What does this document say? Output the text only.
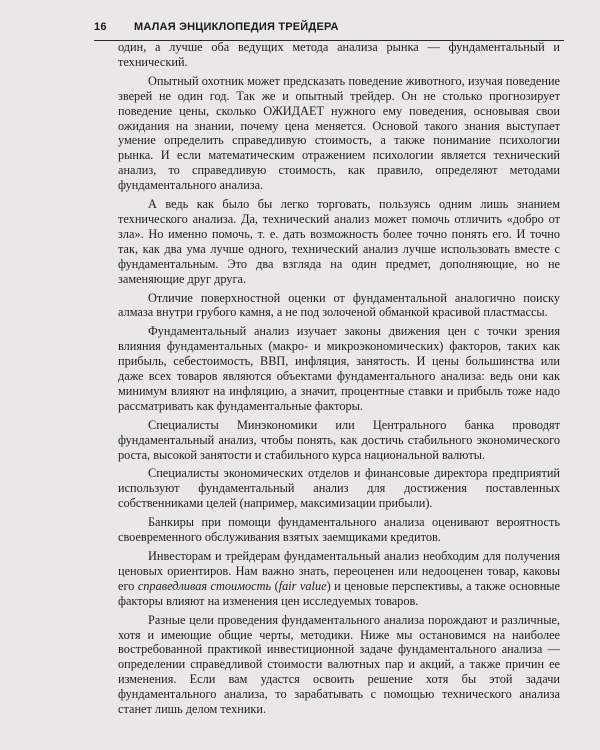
16 МАЛАЯ ЭНЦИКЛОПЕДИЯ ТРЕЙДЕРА

один, а лучше оба ведущих метода анализа рынка — фундаментальный и технический.

Опытный охотник может предсказать поведение животного, изучая поведение зверей не один год. Так же и опытный трейдер. Он не столько прогнозирует поведение цены, сколько ОЖИДАЕТ нужного ему поведения, основывая свои ожидания на знании, почему цена меняется. Основой такого знания выступает умение определить справедливую стоимость, а также понимание психологии рынка. И если математическим отражением психологии является технический анализ, то справедливую стоимость, как правило, определяют методами фундаментального анализа.

А ведь как было бы легко торговать, пользуясь одним лишь знанием технического анализа. Да, технический анализ может помочь отличить «добро от зла». Но именно помочь, т. е. дать возможность более точно понять его. И точно так, как два ума лучше одного, технический анализ лучше использовать вместе с фундаментальным. Это два взгляда на один предмет, дополняющие, но не заменяющие друг друга.

Отличие поверхностной оценки от фундаментальной аналогично поиску алмаза внутри грубого камня, а не под золоченой обманкой красивой пластмассы.

Фундаментальный анализ изучает законы движения цен с точки зрения влияния фундаментальных (макро- и микроэкономических) факторов, таких как прибыль, себестоимость, ВВП, инфляция, занятость. И цены большинства или даже всех товаров являются объектами фундаментального анализа: ведь они как минимум влияют на инфляцию, а значит, процентные ставки и прибыль тоже надо рассматривать как фундаментальные факторы.

Специалисты Минэкономики или Центрального банка проводят фундаментальный анализ, чтобы понять, как достичь стабильного экономического роста, высокой занятости и стабильного курса национальной валюты.

Специалисты экономических отделов и финансовые директора предприятий используют фундаментальный анализ для достижения поставленных собственниками целей (например, максимизации прибыли).

Банкиры при помощи фундаментального анализа оценивают вероятность своевременного обслуживания взятых заемщиками кредитов.

Инвесторам и трейдерам фундаментальный анализ необходим для получения ценовых ориентиров. Нам важно знать, переоценен или недооценен товар, каковы его справедливая стоимость (fair value) и ценовые перспективы, а также основные факторы влияют на изменения цен исследуемых товаров.

Разные цели проведения фундаментального анализа порождают и различные, хотя и имеющие общие черты, методики. Ниже мы остановимся на наиболее востребованной практикой инвестиционной задаче фундаментального анализа — определении справедливой стоимости валютных пар и акций, а также причин ее изменения. Если вам удастся освоить решение хотя бы этой задачи фундаментального анализа, то зарабатывать с помощью технического анализа станет лишь делом техники.
